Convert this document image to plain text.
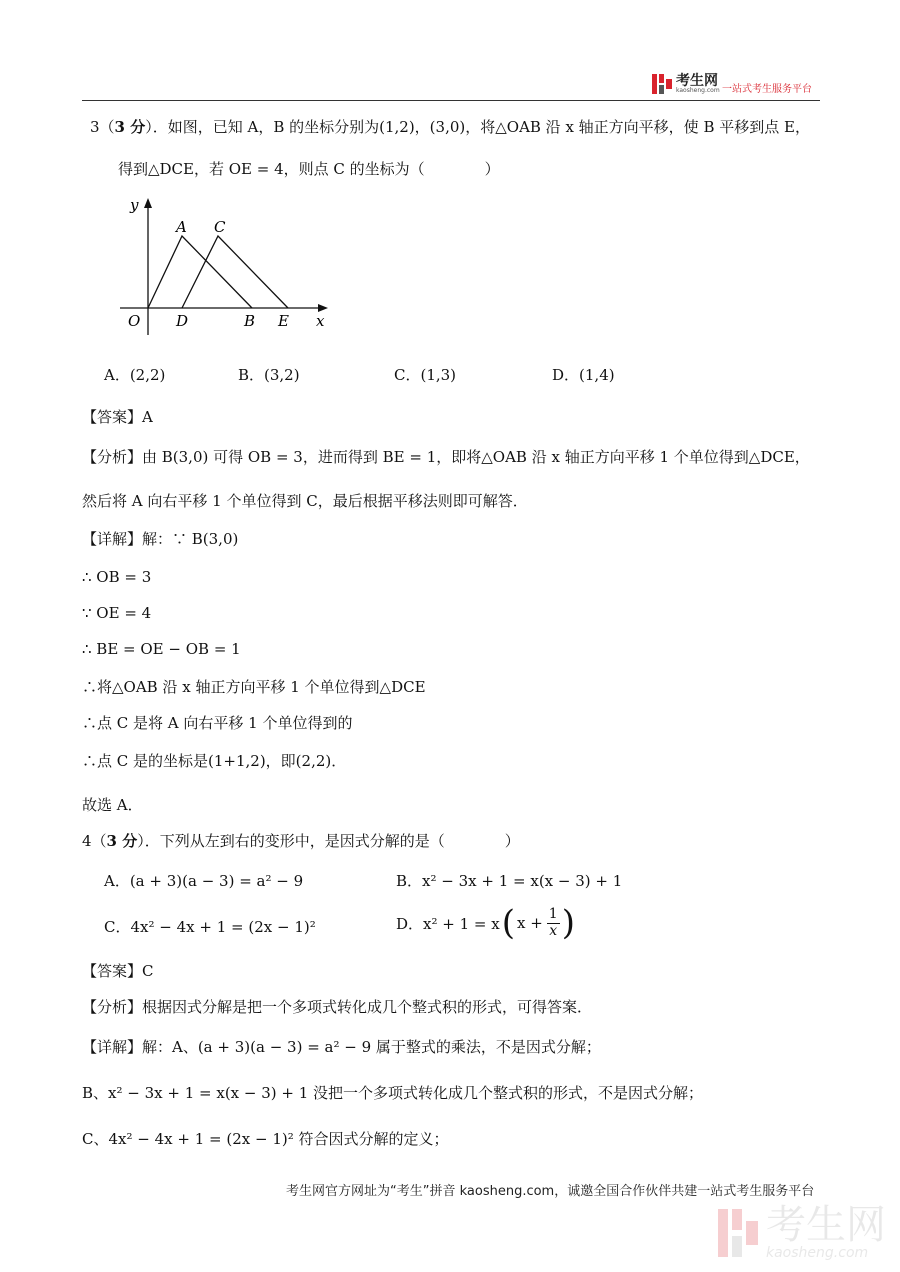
考生网
kaosheng.com 一站式考生服务平台
3（3 分）．如图，已知 A，B 的坐标分别为(1,2)，(3,0)，将△OAB 沿 x 轴正方向平移，使 B 平移到点 E，
得到△DCE，若 OE = 4，则点 C 的坐标为（　　　　）
y
x
A C
O D	B E
A．(2,2)	B．(3,2)	C．(1,3)	D．(1,4)
【答案】A
【分析】由 B(3,0) 可得 OB = 3，进而得到 BE = 1，即将△OAB 沿 x 轴正方向平移 1 个单位得到△DCE，
然后将 A 向右平移 1 个单位得到 C，最后根据平移法则即可解答．
【详解】解：∵ B(3,0)
∴ OB = 3
∵ OE = 4
∴ BE = OE − OB = 1
∴将△OAB 沿 x 轴正方向平移 1 个单位得到△DCE
∴点 C 是将 A 向右平移 1 个单位得到的
∴点 C 是的坐标是(1+1,2)，即(2,2)．
故选 A．
4（3 分）．下列从左到右的变形中，是因式分解的是（　　　　）
A．(a + 3)(a − 3) = a² − 9	B．x² − 3x + 1 = x(x − 3) + 1
C．4x² − 4x + 1 = (2x − 1)²	D．x² + 1 = x ( $x + \frac{1}{x}$ )
【答案】C
【分析】根据因式分解是把一个多项式转化成几个整式积的形式，可得答案．
【详解】解：A、(a + 3)(a − 3) = a² − 9 属于整式的乘法，不是因式分解；
B、x² − 3x + 1 = x(x − 3) + 1 没把一个多项式转化成几个整式积的形式，不是因式分解；
C、4x² − 4x + 1 = (2x − 1)² 符合因式分解的定义；
考生网官方网址为“考生”拼音 kaosheng.com，诚邀全国合作伙伴共建一站式考生服务平台
考生网
kaosheng.com
